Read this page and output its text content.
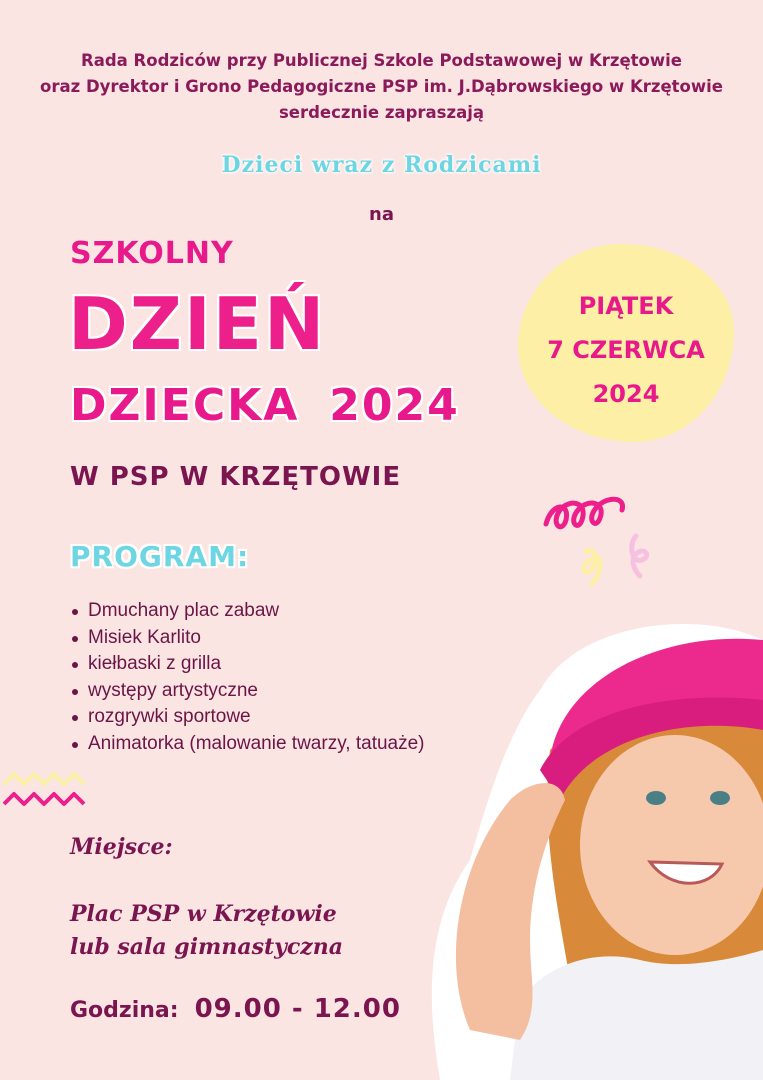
Rada Rodziców przy Publicznej Szkole Podstawowej w Krzętowie
oraz Dyrektor i Grono Pedagogiczne PSP im. J.Dąbrowskiego w Krzętowie
serdecznie zapraszają
Dzieci wraz z Rodzicami
na
SZKOLNY
DZIEŃ
DZIECKA 2024
W PSP W KRZĘTOWIE
PIĄTEK
7 CZERWCA
2024
PROGRAM:
Dmuchany plac zabaw
Misiek Karlito
kiełbaski z grilla
występy artystyczne
rozgrywki sportowe
Animatorka (malowanie twarzy, tatuaże)
Miejsce:
Plac PSP w Krzętowie
lub sala gimnastyczna
Godzina: 09.00 - 12.00
